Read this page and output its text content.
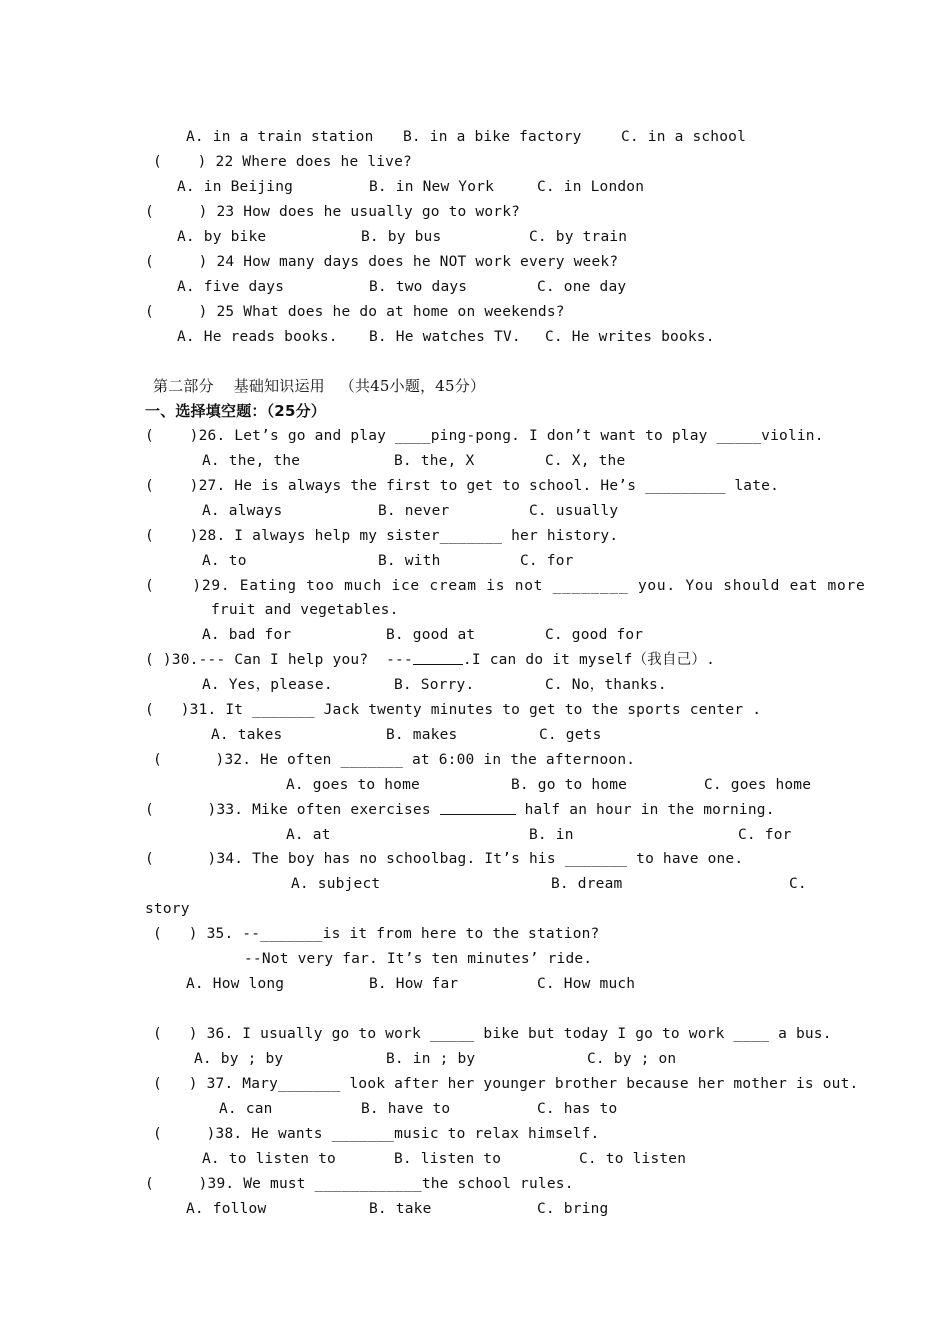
A. in a train station B. in a bike factory	C. in a school
(    ) 22 Where does he live?
A. in Beijing	B. in New York	C. in London
(     ) 23 How does he usually go to work?
A. by bike	B. by bus	C. by train
(     ) 24 How many days does he NOT work every week?
A. five days	B. two days	C. one day
(     ) 25 What does he do at home on weekends?
A. He reads books. B. He watches TV. C. He writes books.
第二部分    基础知识运用   （共45小题，45分）
一、选择填空题：（25分）
(    )26. Let’s go and play ____ping-pong. I don’t want to play _____violin.
A. the, the	B. the, X	C. X, the
(    )27. He is always the first to get to school. He’s _________ late.
A. always	B. never	C. usually
(    )28. I always help my sister_______ her history.
A. to	B. with	C. for
(    )29. Eating too much ice cream is not ________ you. You should eat more
fruit and vegetables.
A. bad for	B. good at	C. good for
( )30.--- Can I help you?  ---	.I can do it myself（我自己）.
A. Yes，please.	B. Sorry.	C. No，thanks.
(   )31. It _______ Jack twenty minutes to get to the sports center .
A. takes	B. makes	C. gets
(      )32. He often _______ at 6:00 in the afternoon.
A. goes to home	B. go to home	C. goes home
(      )33. Mike often exercises	half an hour in the morning.
A. at	B. in	C. for
(      )34. The boy has no schoolbag. It’s his _______ to have one.
A. subject	B. dream	C.
story
(   ) 35. --_______is it from here to the station?
--Not very far. It’s ten minutes’ ride.
A. How long	B. How far	C. How much
(   ) 36. I usually go to work _____ bike but today I go to work ____ a bus.
A. by ; by	B. in ; by	C. by ; on
(   ) 37. Mary_______ look after her younger brother because her mother is out.
A. can	B. have to	C. has to
(     )38. He wants _______music to relax himself.
A. to listen to	B. listen to	C. to listen
(     )39. We must ____________the school rules.
A. follow	B. take	C. bring
